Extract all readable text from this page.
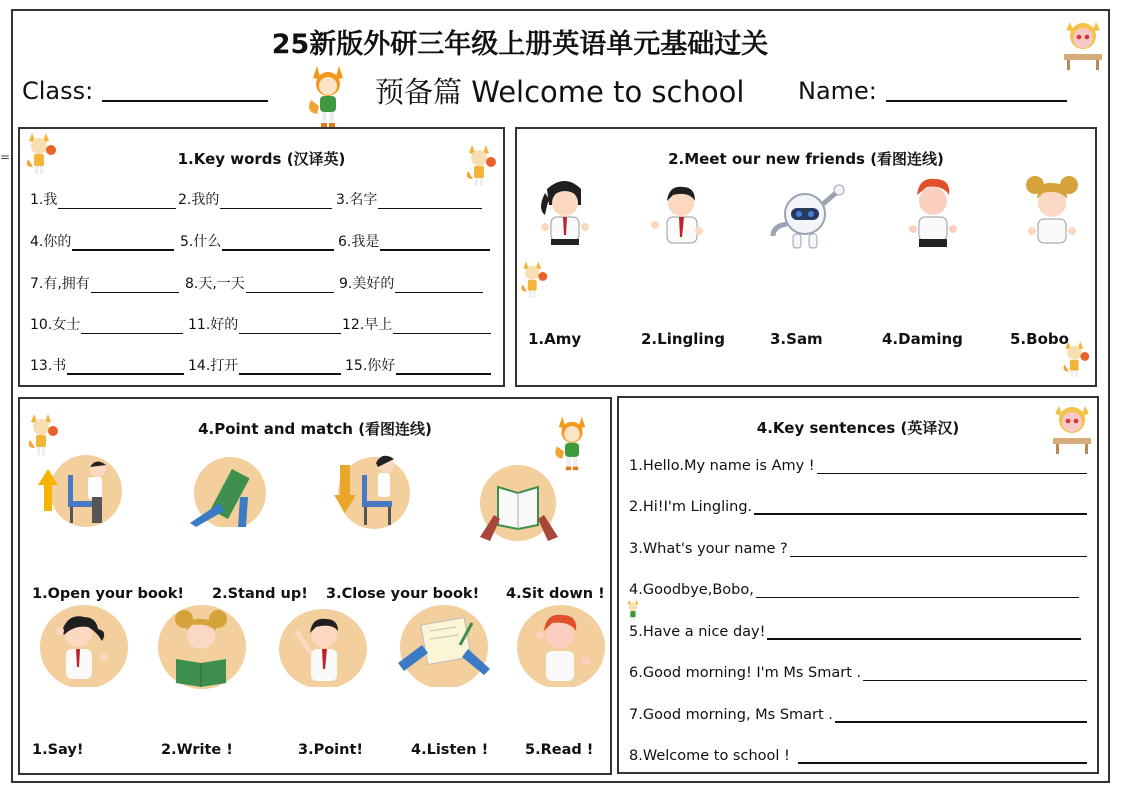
=
25新版外研三年级上册英语单元基础过关
Class:	预备篇 Welcome to school Name:
1.Key words (汉译英)
1.我	2.我的	3.名字
4.你的	5.什么	6.我是
7.有,拥有	8.天,一天	9.美好的
10.女士	11.好的	12.早上
13.书	14.打开	15.你好
2.Meet our new friends (看图连线)
1.Amy	2.Lingling	3.Sam	4.Daming	5.Bobo
4.Point and match (看图连线)
1.Open your book! 2.Stand up! 3.Close your book! 4.Sit down !
1.Say!	2.Write !	3.Point!	4.Listen !	5.Read !
4.Key sentences (英译汉)
1.Hello.My name is Amy !
2.Hi!I'm Lingling.
3.What's your name ?
4.Goodbye,Bobo,
5.Have a nice day!
6.Good morning! I'm Ms Smart .
7.Good morning, Ms Smart .
8.Welcome to school !
